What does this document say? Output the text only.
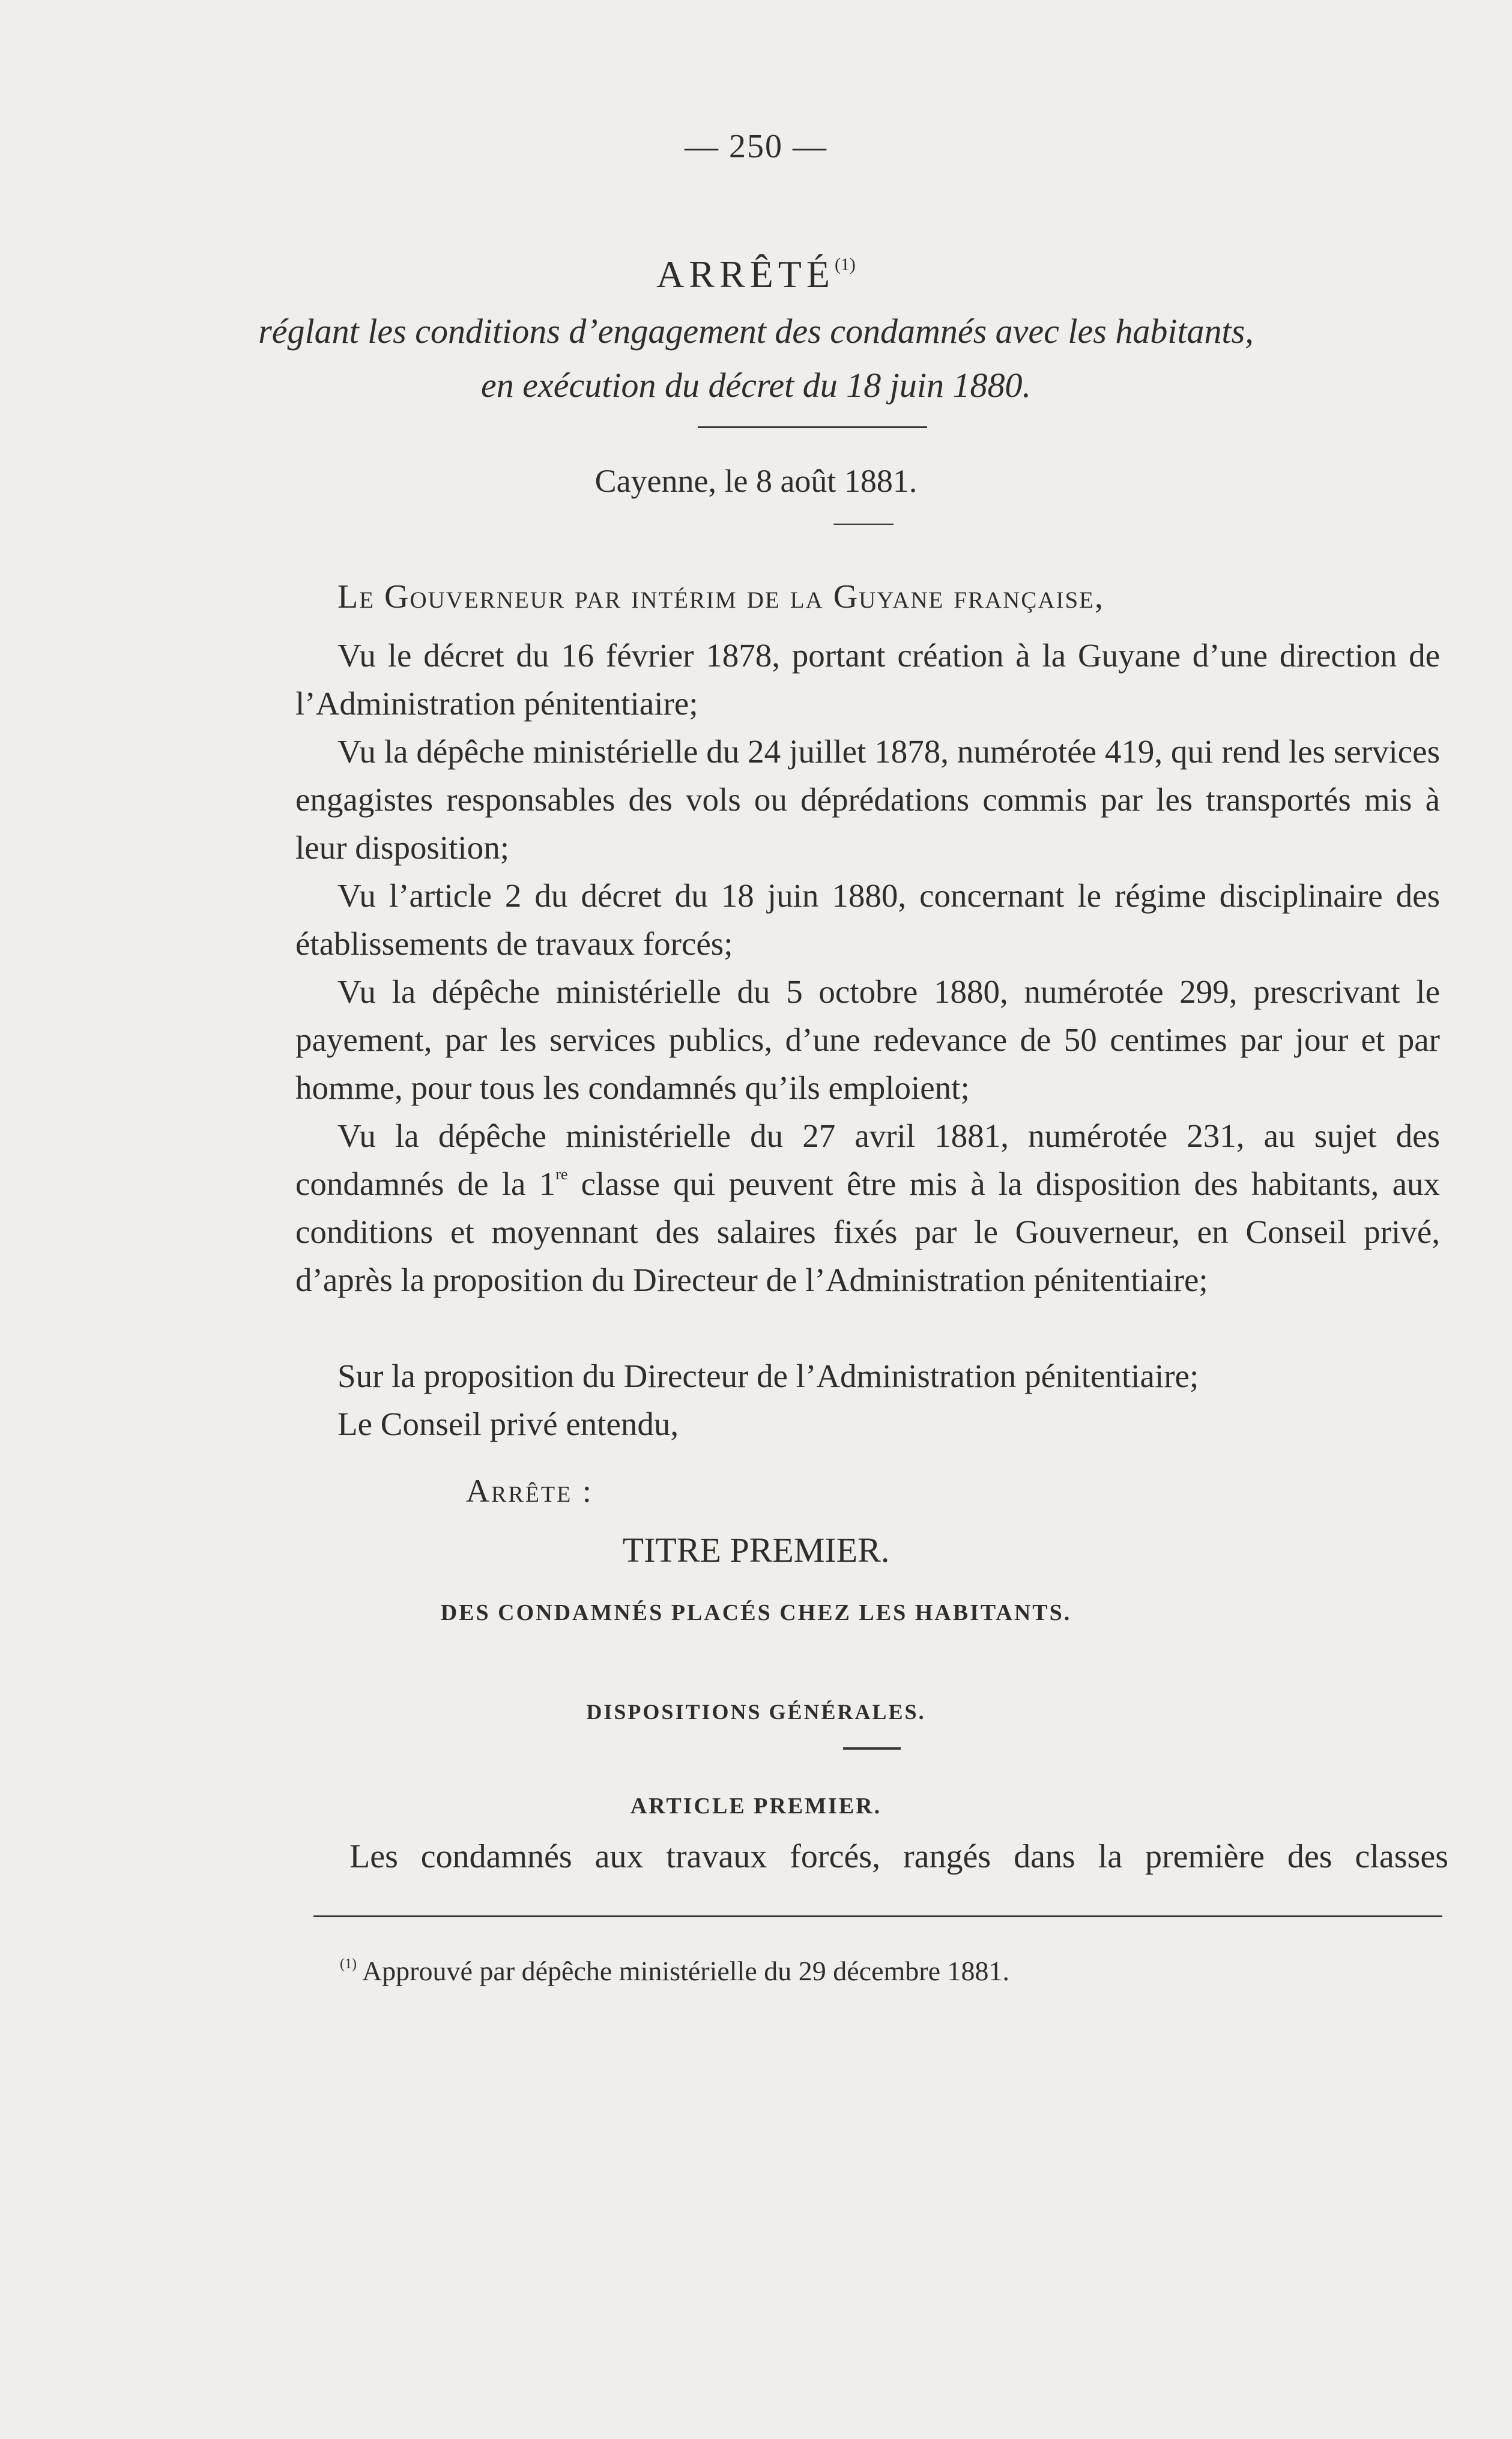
— 250 —
ARRÊTÉ$^{(1)}$
réglant les conditions d’engagement des condamnés avec les habitants,
en exécution du décret du 18 juin 1880.
Cayenne, le 8 août 1881.
Le Gouverneur par intérim de la Guyane française,

Vu le décret du 16 février 1878, portant création à la Guyane d’une direction de l’Administration pénitentiaire;

Vu la dépêche ministérielle du 24 juillet 1878, numérotée 419, qui rend les services engagistes responsables des vols ou déprédations commis par les transportés mis à leur disposition;

Vu l’article 2 du décret du 18 juin 1880, concernant le régime disciplinaire des établissements de travaux forcés;

Vu la dépêche ministérielle du 5 octobre 1880, numérotée 299, prescrivant le payement, par les services publics, d’une redevance de 50 centimes par jour et par homme, pour tous les condamnés qu’ils emploient;

Vu la dépêche ministérielle du 27 avril 1881, numérotée 231, au sujet des condamnés de la 1re classe qui peuvent être mis à la disposition des habitants, aux conditions et moyennant des salaires fixés par le Gouverneur, en Conseil privé, d’après la proposition du Directeur de l’Administration pénitentiaire;

Sur la proposition du Directeur de l’Administration pénitentiaire;

Le Conseil privé entendu,

Arrête :
TITRE PREMIER.
DES CONDAMNÉS PLACÉS CHEZ LES HABITANTS.
DISPOSITIONS GÉNÉRALES.
ARTICLE PREMIER.
Les condamnés aux travaux forcés, rangés dans la première des classes
$^{(1)}$ Approuvé par dépêche ministérielle du 29 décembre 1881.
